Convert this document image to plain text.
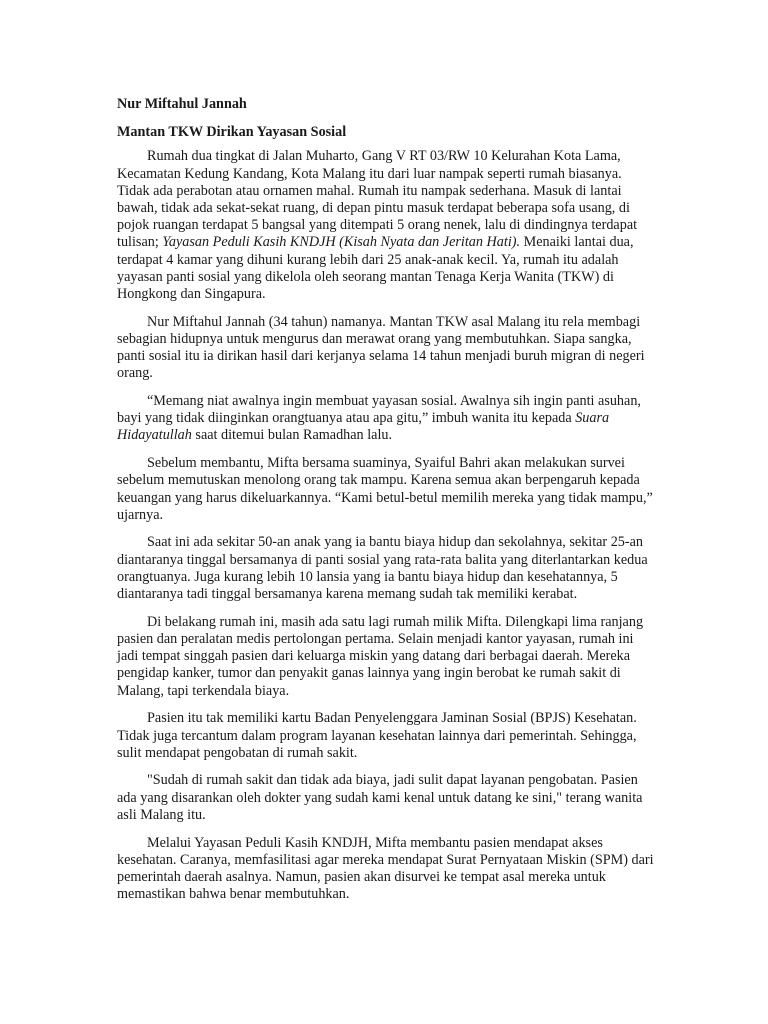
Nur Miftahul Jannah

Mantan TKW Dirikan Yayasan Sosial

Rumah dua tingkat di Jalan Muharto, Gang V RT 03/RW 10 Kelurahan Kota Lama, Kecamatan Kedung Kandang, Kota Malang itu dari luar nampak seperti rumah biasanya. Tidak ada perabotan atau ornamen mahal. Rumah itu nampak sederhana. Masuk di lantai bawah, tidak ada sekat-sekat ruang, di depan pintu masuk terdapat beberapa sofa usang, di pojok ruangan terdapat 5 bangsal yang ditempati 5 orang nenek, lalu di dindingnya terdapat tulisan; Yayasan Peduli Kasih KNDJH (Kisah Nyata dan Jeritan Hati). Menaiki lantai dua, terdapat 4 kamar yang dihuni kurang lebih dari 25 anak-anak kecil. Ya, rumah itu adalah yayasan panti sosial yang dikelola oleh seorang mantan Tenaga Kerja Wanita (TKW) di Hongkong dan Singapura.

Nur Miftahul Jannah (34 tahun) namanya. Mantan TKW asal Malang itu rela membagi sebagian hidupnya untuk mengurus dan merawat orang yang membutuhkan. Siapa sangka, panti sosial itu ia dirikan hasil dari kerjanya selama 14 tahun menjadi buruh migran di negeri orang.

“Memang niat awalnya ingin membuat yayasan sosial. Awalnya sih ingin panti asuhan, bayi yang tidak diinginkan orangtuanya atau apa gitu,” imbuh wanita itu kepada Suara Hidayatullah saat ditemui bulan Ramadhan lalu.

Sebelum membantu, Mifta bersama suaminya, Syaiful Bahri akan melakukan survei sebelum memutuskan menolong orang tak mampu. Karena semua akan berpengaruh kepada keuangan yang harus dikeluarkannya. “Kami betul-betul memilih mereka yang tidak mampu,” ujarnya.

Saat ini ada sekitar 50-an anak yang ia bantu biaya hidup dan sekolahnya, sekitar 25-an diantaranya tinggal bersamanya di panti sosial yang rata-rata balita yang diterlantarkan kedua orangtuanya. Juga kurang lebih 10 lansia yang ia bantu biaya hidup dan kesehatannya, 5 diantaranya tadi tinggal bersamanya karena memang sudah tak memiliki kerabat.

Di belakang rumah ini, masih ada satu lagi rumah milik Mifta. Dilengkapi lima ranjang pasien dan peralatan medis pertolongan pertama. Selain menjadi kantor yayasan, rumah ini jadi tempat singgah pasien dari keluarga miskin yang datang dari berbagai daerah. Mereka pengidap kanker, tumor dan penyakit ganas lainnya yang ingin berobat ke rumah sakit di Malang, tapi terkendala biaya.

Pasien itu tak memiliki kartu Badan Penyelenggara Jaminan Sosial (BPJS) Kesehatan. Tidak juga tercantum dalam program layanan kesehatan lainnya dari pemerintah. Sehingga, sulit mendapat pengobatan di rumah sakit.

"Sudah di rumah sakit dan tidak ada biaya, jadi sulit dapat layanan pengobatan. Pasien ada yang disarankan oleh dokter yang sudah kami kenal untuk datang ke sini," terang wanita asli Malang itu.

Melalui Yayasan Peduli Kasih KNDJH, Mifta membantu pasien mendapat akses kesehatan. Caranya, memfasilitasi agar mereka mendapat Surat Pernyataan Miskin (SPM) dari pemerintah daerah asalnya. Namun, pasien akan disurvei ke tempat asal mereka untuk memastikan bahwa benar membutuhkan.
